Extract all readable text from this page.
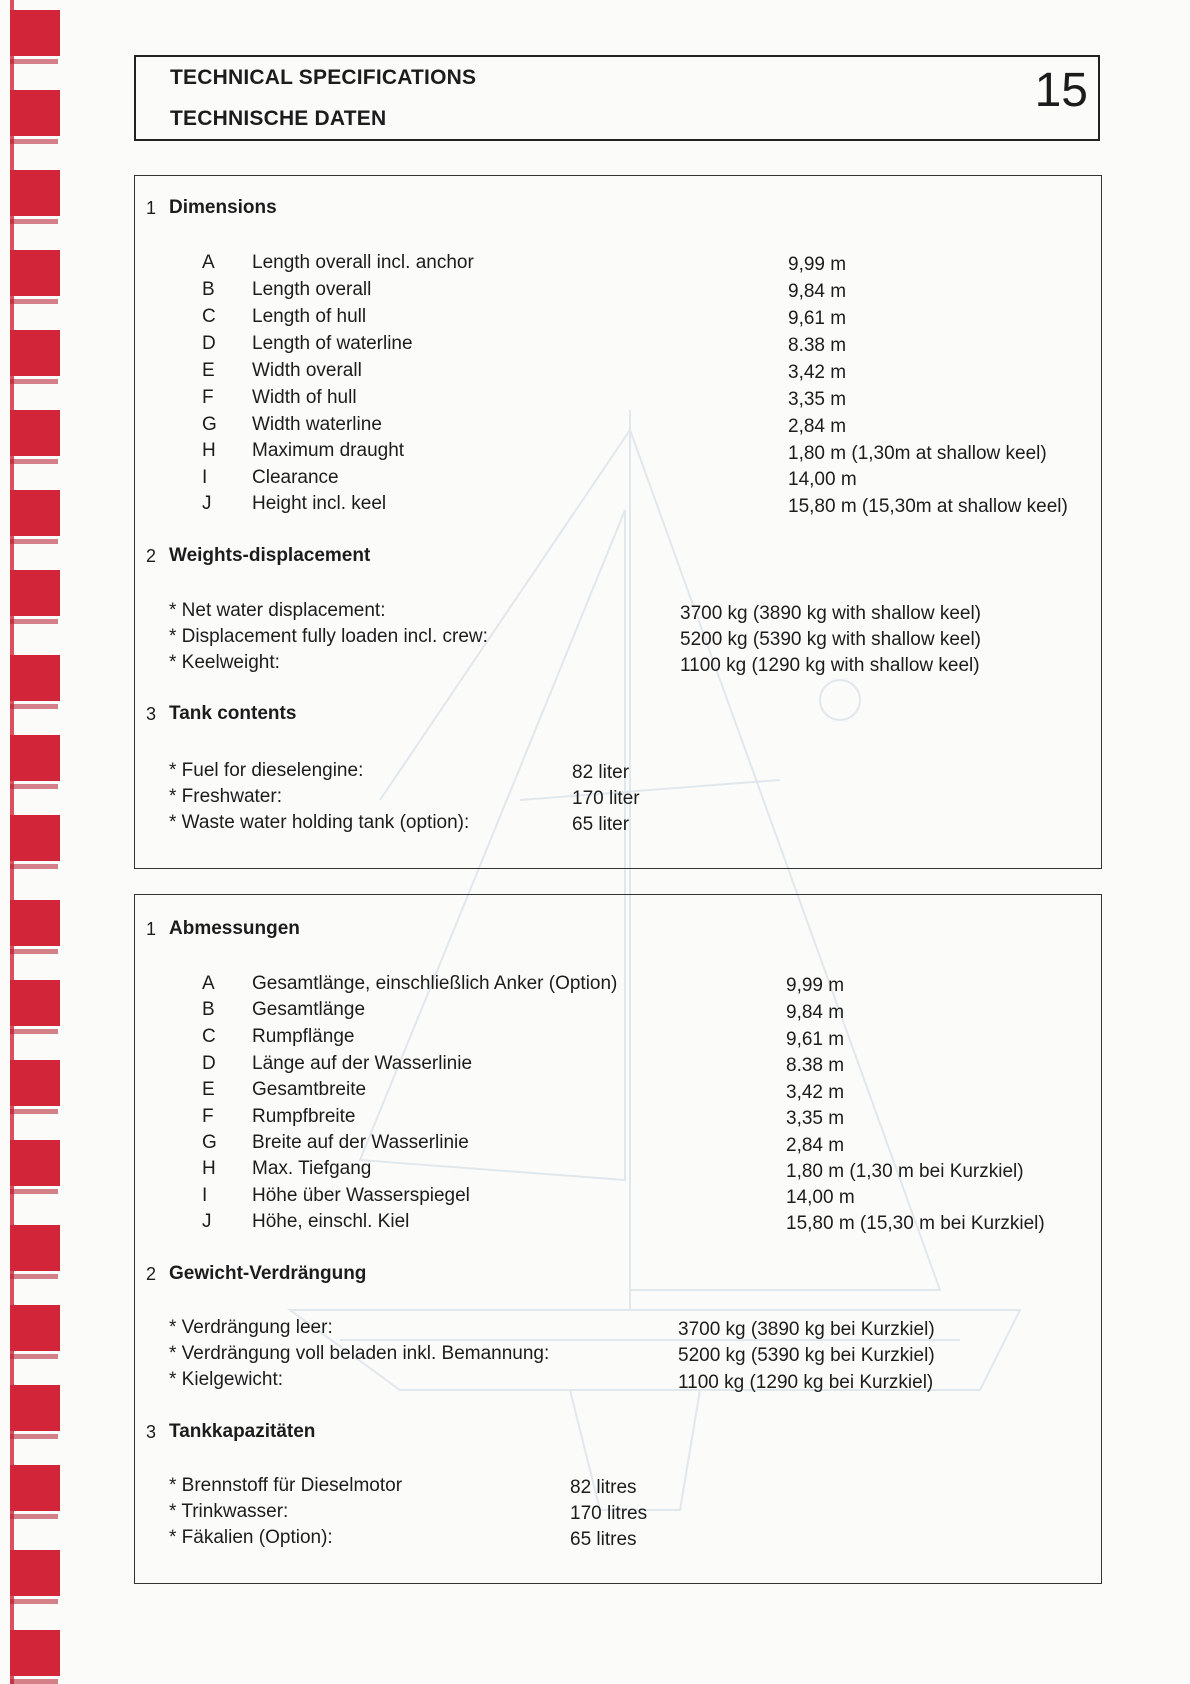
TECHNICAL SPECIFICATIONS
TECHNISCHE DATEN
15
1 Dimensions
A Length overall incl. anchor	9,99 m
B Length overall	9,84 m
C Length of hull	9,61 m
D Length of waterline	8.38 m
E Width overall	3,42 m
F Width of hull	3,35 m
G Width waterline	2,84 m
H Maximum draught	1,80 m (1,30m at shallow keel)
I Clearance	14,00 m
J Height incl. keel	15,80 m (15,30m at shallow keel)
2 Weights-displacement
* Net water displacement:	3700 kg (3890 kg with shallow keel)
* Displacement fully loaden incl. crew:	5200 kg (5390 kg with shallow keel)
* Keelweight:	1100 kg (1290 kg with shallow keel)
3 Tank contents
* Fuel for dieselengine:	82 liter
* Freshwater:	170 liter
* Waste water holding tank (option):	65 liter
1 Abmessungen
A Gesamtlänge, einschließlich Anker (Option)	9,99 m
B Gesamtlänge	9,84 m
C Rumpflänge	9,61 m
D Länge auf der Wasserlinie	8.38 m
E Gesamtbreite	3,42 m
F Rumpfbreite	3,35 m
G Breite auf der Wasserlinie	2,84 m
H Max. Tiefgang	1,80 m (1,30 m bei Kurzkiel)
I Höhe über Wasserspiegel	14,00 m
J Höhe, einschl. Kiel	15,80 m (15,30 m bei Kurzkiel)
2 Gewicht-Verdrängung
* Verdrängung leer:	3700 kg (3890 kg bei Kurzkiel)
* Verdrängung voll beladen inkl. Bemannung:	5200 kg (5390 kg bei Kurzkiel)
* Kielgewicht:	1100 kg (1290 kg bei Kurzkiel)
3 Tankkapazitäten
* Brennstoff für Dieselmotor	82 litres
* Trinkwasser:	170 litres
* Fäkalien (Option):	65 litres
